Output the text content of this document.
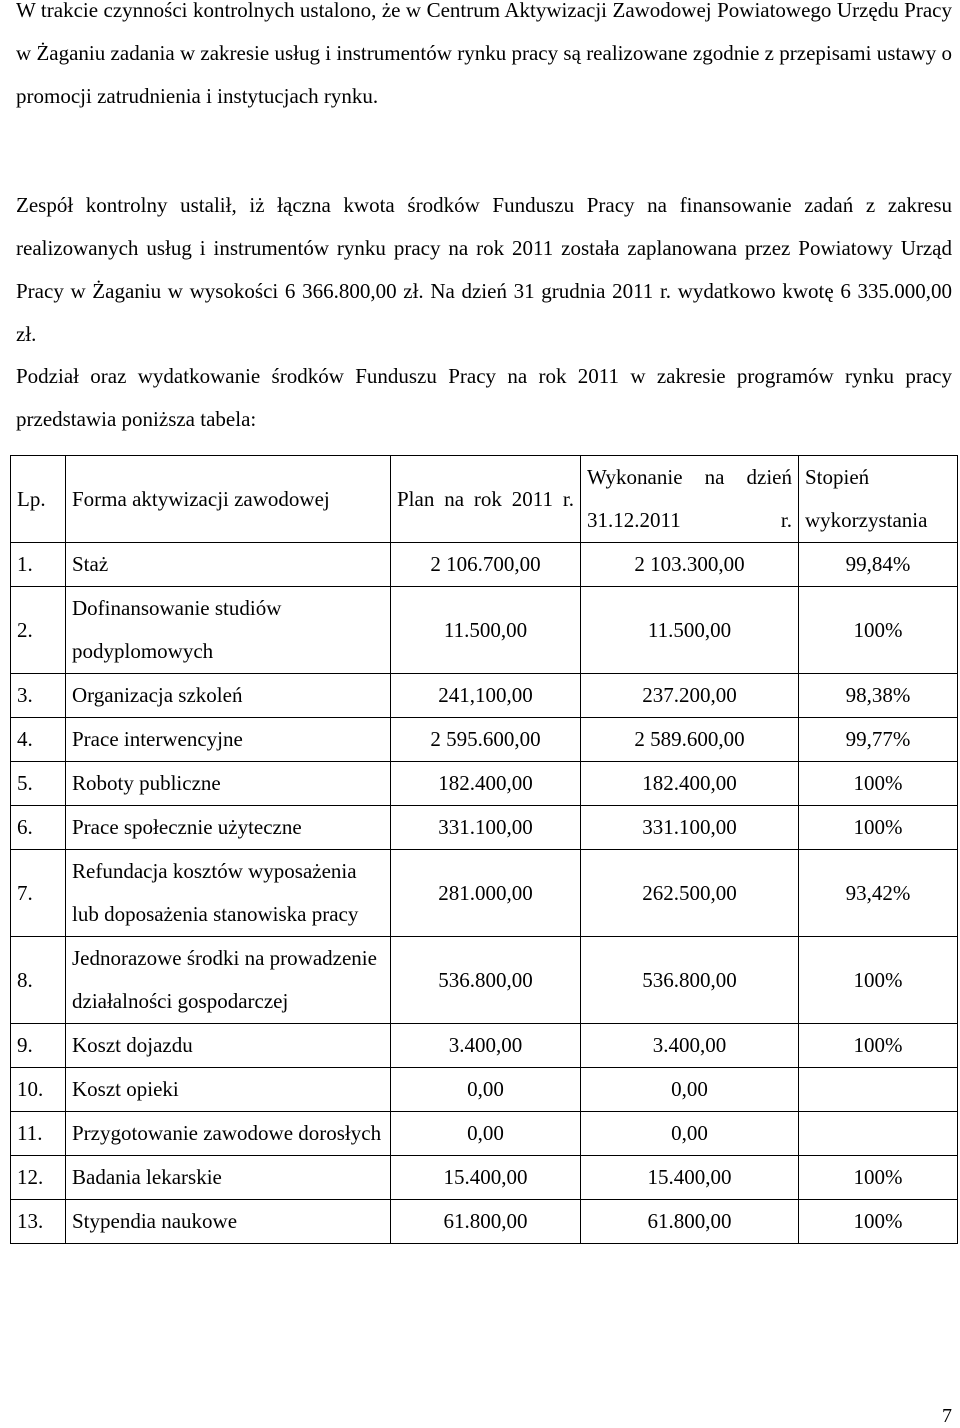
W trakcie czynności kontrolnych ustalono, że w Centrum Aktywizacji Zawodowej Powiatowego Urzędu Pracy w Żaganiu zadania w zakresie usług i instrumentów rynku pracy są realizowane zgodnie z przepisami ustawy o promocji zatrudnienia i instytucjach rynku.

Zespół kontrolny ustalił, iż łączna kwota środków Funduszu Pracy na finansowanie zadań z zakresu realizowanych usług i instrumentów rynku pracy na rok 2011 została zaplanowana przez Powiatowy Urząd Pracy w Żaganiu w wysokości 6 366.800,00 zł. Na dzień 31 grudnia 2011 r. wydatkowo kwotę 6 335.000,00 zł.

Podział oraz wydatkowanie środków Funduszu Pracy na rok 2011 w zakresie programów rynku pracy przedstawia poniższa tabela:

Lp.	Forma aktywizacji zawodowej	Plan na rok 2011 r.	Wykonanie na dzień 31.12.2011 r.	Stopień wykorzystania
1.	Staż	2 106.700,00	2 103.300,00	99,84%
2.	Dofinansowanie studiów podyplomowych	11.500,00	11.500,00	100%
3.	Organizacja szkoleń	241,100,00	237.200,00	98,38%
4.	Prace interwencyjne	2 595.600,00	2 589.600,00	99,77%
5.	Roboty publiczne	182.400,00	182.400,00	100%
6.	Prace społecznie użyteczne	331.100,00	331.100,00	100%
7.	Refundacja kosztów wyposażenia lub doposażenia stanowiska pracy	281.000,00	262.500,00	93,42%
8.	Jednorazowe środki na prowadzenie działalności gospodarczej	536.800,00	536.800,00	100%
9.	Koszt dojazdu	3.400,00	3.400,00	100%
10.	Koszt opieki	0,00	0,00	
11.	Przygotowanie zawodowe dorosłych	0,00	0,00	
12.	Badania lekarskie	15.400,00	15.400,00	100%
13.	Stypendia naukowe	61.800,00	61.800,00	100%
7
